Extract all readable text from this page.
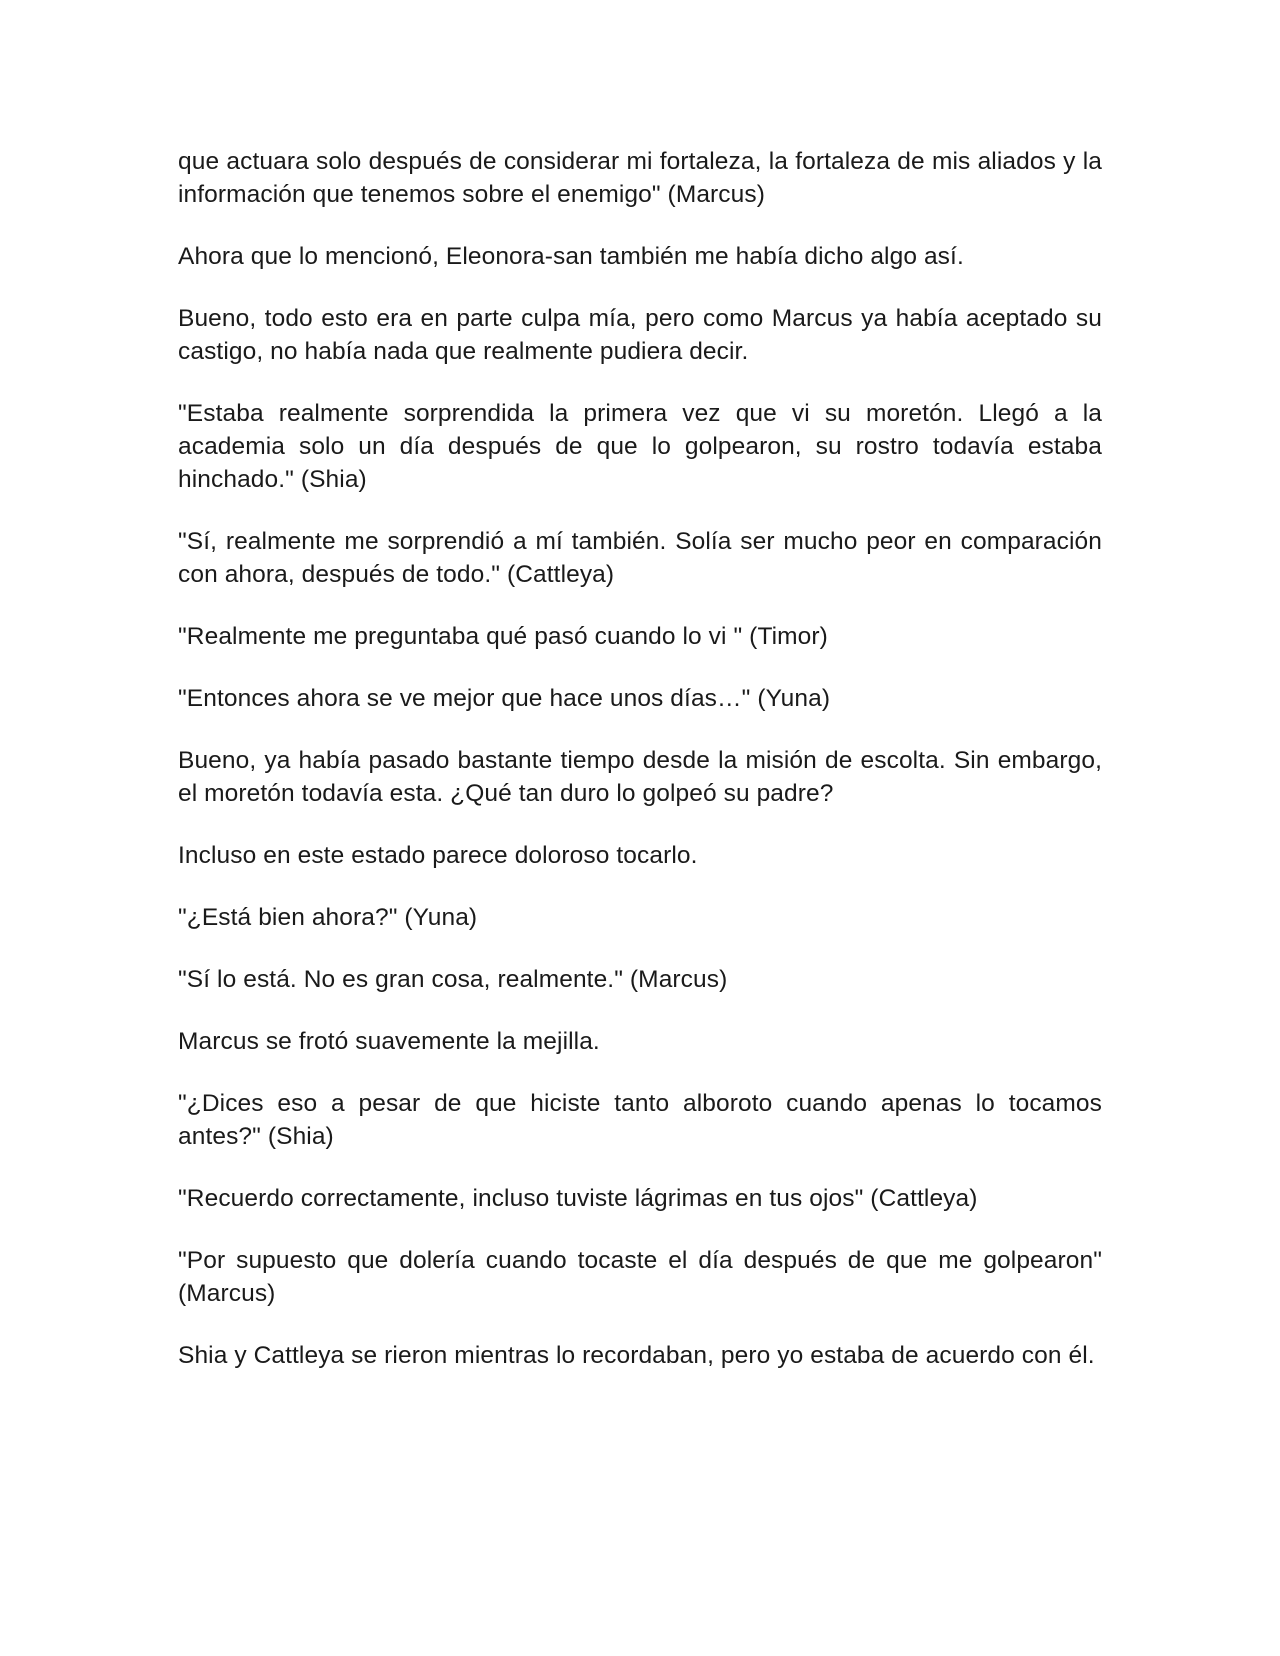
que actuara solo después de considerar mi fortaleza, la fortaleza de mis aliados y la información que tenemos sobre el enemigo" (Marcus)

Ahora que lo mencionó, Eleonora-san también me había dicho algo así.

Bueno, todo esto era en parte culpa mía, pero como Marcus ya había aceptado su castigo, no había nada que realmente pudiera decir.

"Estaba realmente sorprendida la primera vez que vi su moretón. Llegó a la academia solo un día después de que lo golpearon, su rostro todavía estaba hinchado." (Shia)

"Sí, realmente me sorprendió a mí también. Solía ser mucho peor en comparación con ahora, después de todo." (Cattleya)

"Realmente me preguntaba qué pasó cuando lo vi " (Timor)

"Entonces ahora se ve mejor que hace unos días…" (Yuna)

Bueno, ya había pasado bastante tiempo desde la misión de escolta. Sin embargo, el moretón todavía esta. ¿Qué tan duro lo golpeó su padre?

Incluso en este estado parece doloroso tocarlo.

"¿Está bien ahora?" (Yuna)

"Sí lo está. No es gran cosa, realmente." (Marcus)

Marcus se frotó suavemente la mejilla.

"¿Dices eso a pesar de que hiciste tanto alboroto cuando apenas lo tocamos antes?" (Shia)

"Recuerdo correctamente, incluso tuviste lágrimas en tus ojos" (Cattleya)

"Por supuesto que dolería cuando tocaste el día después de que me golpearon" (Marcus)

Shia y Cattleya se rieron mientras lo recordaban, pero yo estaba de acuerdo con él.
